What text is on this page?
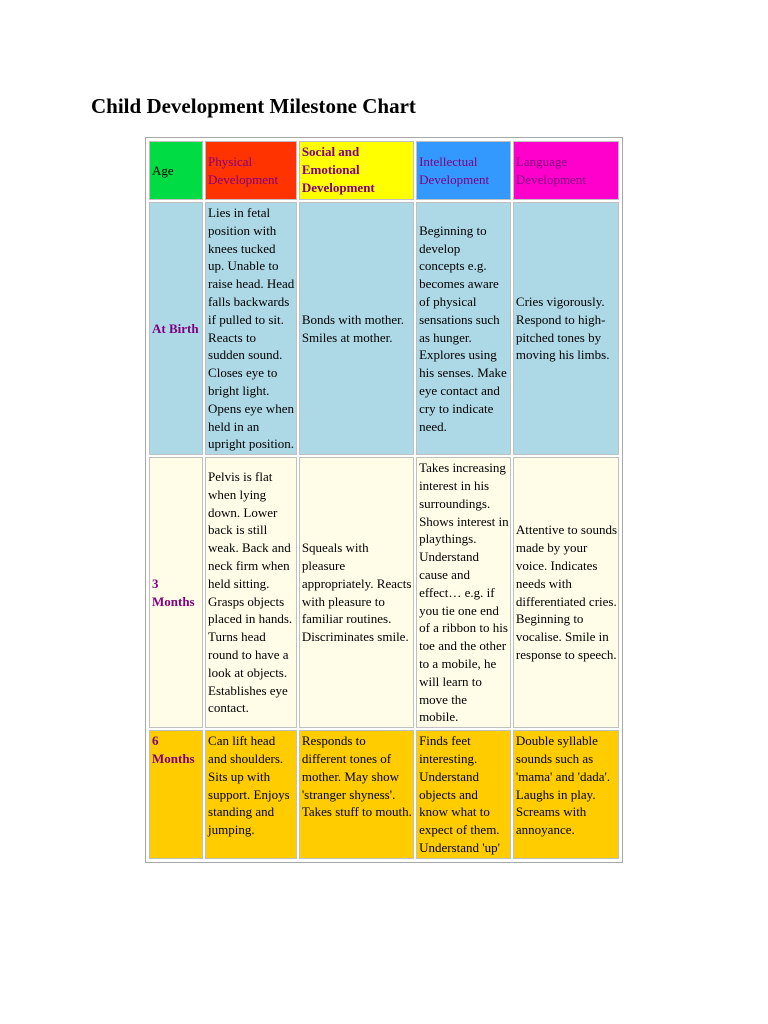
Child Development Milestone Chart
Age	Physical Development	Social and Emotional Development	Intellectual Development	Language Development
At Birth	Lies in fetal position with knees tucked up. Unable to raise head. Head falls backwards if pulled to sit. Reacts to sudden sound. Closes eye to bright light. Opens eye when held in an upright position.	Bonds with mother. Smiles at mother.	Beginning to develop concepts e.g. becomes aware of physical sensations such as hunger. Explores using his senses. Make eye contact and cry to indicate need.	Cries vigorously. Respond to high-pitched tones by moving his limbs.
3 Months	Pelvis is flat when lying down. Lower back is still weak. Back and neck firm when held sitting. Grasps objects placed in hands. Turns head round to have a look at objects. Establishes eye contact.	Squeals with pleasure appropriately. Reacts with pleasure to familiar routines. Discriminates smile.	Takes increasing interest in his surroundings. Shows interest in playthings. Understand cause and effect… e.g. if you tie one end of a ribbon to his toe and the other to a mobile, he will learn to move the mobile.	Attentive to sounds made by your voice. Indicates needs with differentiated cries. Beginning to vocalise. Smile in response to speech.
6 Months	Can lift head and shoulders. Sits up with support. Enjoys standing and jumping.	Responds to different tones of mother. May show 'stranger shyness'. Takes stuff to mouth.	Finds feet interesting. Understand objects and know what to expect of them. Understand 'up'	Double syllable sounds such as 'mama' and 'dada'. Laughs in play. Screams with annoyance.
